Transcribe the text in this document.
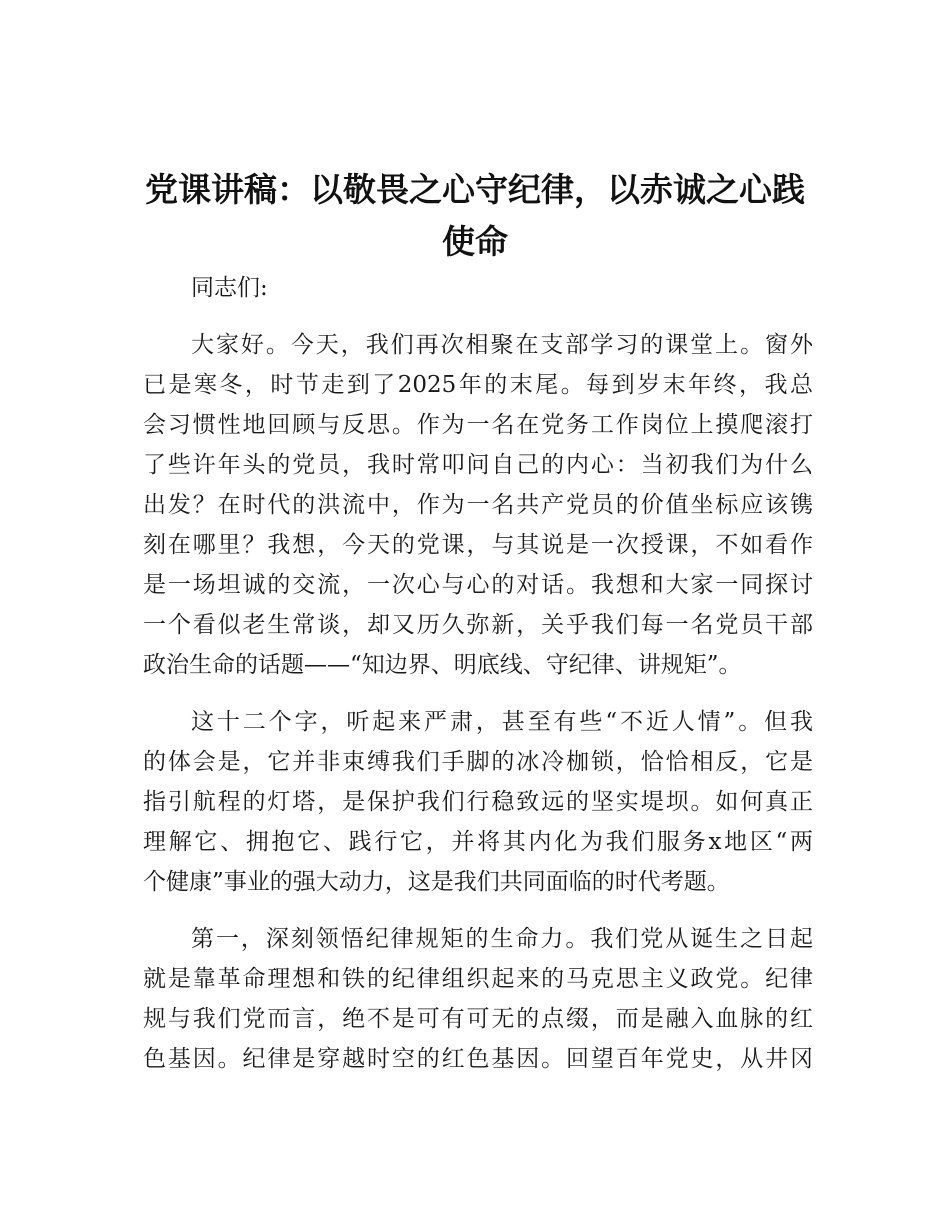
党课讲稿：以敬畏之心守纪律，以赤诚之心践
使命

同志们:

大家好。今天，我们再次相聚在支部学习的课堂上。窗外
已是寒冬，时节走到了2025年的末尾。每到岁末年终，我总
会习惯性地回顾与反思。作为一名在党务工作岗位上摸爬滚打
了些许年头的党员，我时常叩问自己的内心：当初我们为什么
出发？在时代的洪流中，作为一名共产党员的价值坐标应该镌
刻在哪里？我想，今天的党课，与其说是一次授课，不如看作
是一场坦诚的交流，一次心与心的对话。我想和大家一同探讨
一个看似老生常谈，却又历久弥新，关乎我们每一名党员干部
政治生命的话题——“知边界、明底线、守纪律、讲规矩”。

这十二个字，听起来严肃，甚至有些“不近人情”。但我
的体会是，它并非束缚我们手脚的冰冷枷锁，恰恰相反，它是
指引航程的灯塔，是保护我们行稳致远的坚实堤坝。如何真正
理解它、拥抱它、践行它，并将其内化为我们服务x地区“两
个健康”事业的强大动力，这是我们共同面临的时代考题。

第一，深刻领悟纪律规矩的生命力。我们党从诞生之日起
就是靠革命理想和铁的纪律组织起来的马克思主义政党。纪律
规与我们党而言，绝不是可有可无的点缀，而是融入血脉的红
色基因。纪律是穿越时空的红色基因。回望百年党史，从井冈
